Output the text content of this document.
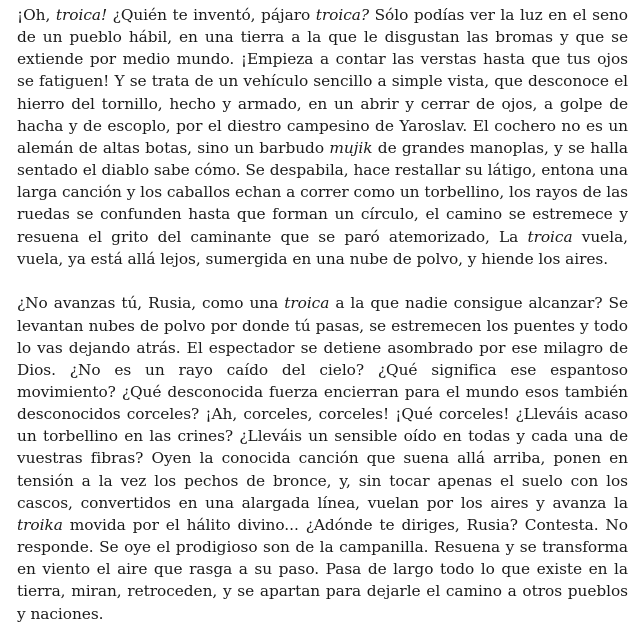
¡Oh, troica! ¿Quién te inventó, pájaro troica? Sólo podías ver la luz en el seno de un pueblo hábil, en una tierra a la que le disgustan las bromas y que se extiende por medio mundo. ¡Empieza a contar las verstas hasta que tus ojos se fatiguen! Y se trata de un vehículo sencillo a simple vista, que desconoce el hierro del tornillo, hecho y armado, en un abrir y cerrar de ojos, a golpe de hacha y de escoplo, por el diestro campesino de Yaroslav. El cochero no es un alemán de altas botas, sino un barbudo mujik de grandes manoplas, y se halla sentado el diablo sabe cómo. Se despabila, hace restallar su látigo, entona una larga canción y los caballos echan a correr como un torbellino, los rayos de las ruedas se confunden hasta que forman un círculo, el camino se estremece y resuena el grito del caminante que se paró atemorizado, La troica vuela, vuela, ya está allá lejos, sumergida en una nube de polvo, y hiende los aires.

¿No avanzas tú, Rusia, como una troica a la que nadie consigue alcanzar? Se levantan nubes de polvo por donde tú pasas, se estremecen los puentes y todo lo vas dejando atrás. El espectador se detiene asombrado por ese milagro de Dios. ¿No es un rayo caído del cielo? ¿Qué significa ese espantoso movimiento? ¿Qué desconocida fuerza encierran para el mundo esos también desconocidos corceles? ¡Ah, corceles, corceles! ¡Qué corceles! ¿Lleváis acaso un torbellino en las crines? ¿Lleváis un sensible oído en todas y cada una de vuestras fibras? Oyen la conocida canción que suena allá arriba, ponen en tensión a la vez los pechos de bronce, y, sin tocar apenas el suelo con los cascos, convertidos en una alargada línea, vuelan por los aires y avanza la troika movida por el hálito divino... ¿Adónde te diriges, Rusia? Contesta. No responde. Se oye el prodigioso son de la campanilla. Resuena y se transforma en viento el aire que rasga a su paso. Pasa de largo todo lo que existe en la tierra, miran, retroceden, y se apartan para dejarle el camino a otros pueblos y naciones.
